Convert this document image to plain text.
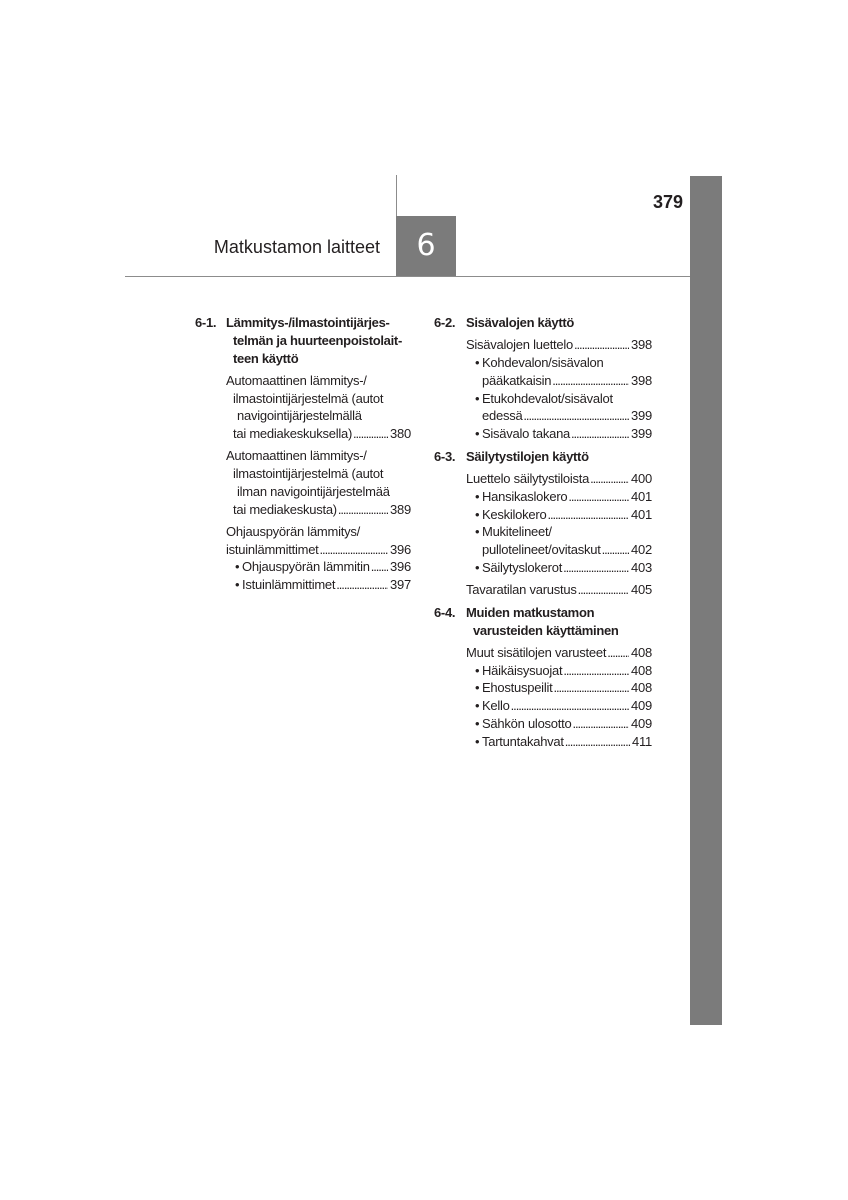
379
Matkustamon laitteet	6
6-1. Lämmitys-/ilmastointijärjes-
telmän ja huurteenpoistolait-
teen käyttö
Automaattinen lämmitys-/
ilmastointijärjestelmä (autot
navigointijärjestelmällä
tai mediakeskuksella) .....	380
Automaattinen lämmitys-/
ilmastointijärjestelmä (autot
ilman navigointijärjestelmää
tai mediakeskusta) .....	389
Ohjauspyörän lämmitys/
istuinlämmittimet .....	396
•
Ohjauspyörän lämmitin ..... 396
•
Istuinlämmittimet .....	397
6-2. Sisävalojen käyttö
Sisävalojen luettelo .....	398
•
Kohdevalon/sisävalon
pääkatkaisin .....	398
•
Etukohdevalot/sisävalot
edessä .....	399
•
Sisävalo takana .....	399
6-3. Säilytystilojen käyttö
Luettelo säilytystiloista .....	400
•
Hansikaslokero .....	401
•
Keskilokero .....	401
•
Mukitelineet/
pullotelineet/ovitaskut ..... 402
•
Säilytyslokerot .....	403
Tavaratilan varustus .....	405
6-4. Muiden matkustamon
varusteiden käyttäminen
Muut sisätilojen varusteet ..... 408
•
Häikäisysuojat .....	408
•
Ehostuspeilit .....	408
•
Kello .....	409
•
Sähkön ulosotto .....	409
•
Tartuntakahvat .....	411
